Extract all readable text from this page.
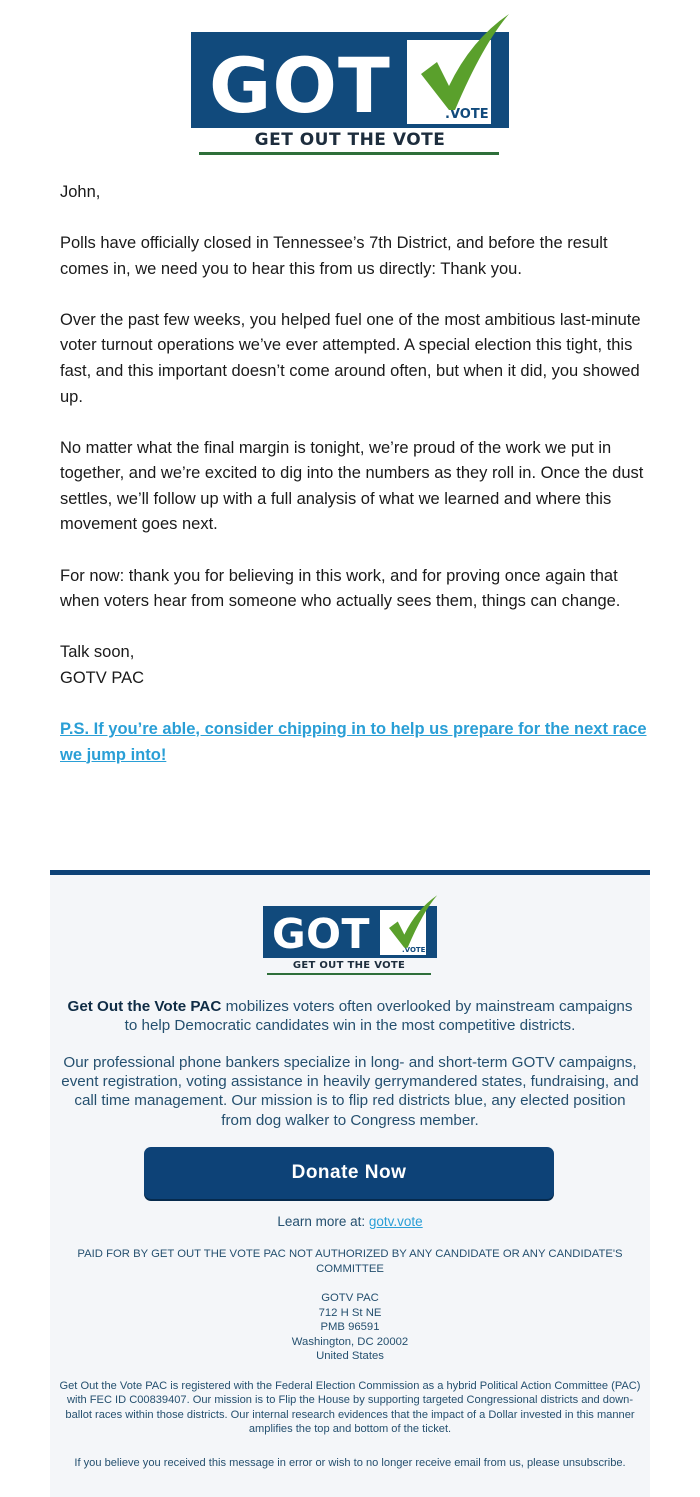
GOT	.VOTE
GET OUT THE VOTE

John,

Polls have officially closed in Tennessee’s 7th District, and before the result comes in, we need you to hear this from us directly: Thank you.

Over the past few weeks, you helped fuel one of the most ambitious last-minute voter turnout operations we’ve ever attempted. A special election this tight, this fast, and this important doesn’t come around often, but when it did, you showed up.

No matter what the final margin is tonight, we’re proud of the work we put in together, and we’re excited to dig into the numbers as they roll in. Once the dust settles, we’ll follow up with a full analysis of what we learned and where this movement goes next.

For now: thank you for believing in this work, and for proving once again that when voters hear from someone who actually sees them, things can change.

Talk soon,
GOTV PAC
P.S. If you’re able, consider chipping in to help us prepare for the next race we jump into!
GOT	.VOTE
GET OUT THE VOTE

Get Out the Vote PAC mobilizes voters often overlooked by mainstream campaigns to help Democratic candidates win in the most competitive districts.

Our professional phone bankers specialize in long- and short-term GOTV campaigns, event registration, voting assistance in heavily gerrymandered states, fundraising, and call time management. Our mission is to flip red districts blue, any elected position from dog walker to Congress member.

Donate Now
Learn more at: gotv.vote
PAID FOR BY GET OUT THE VOTE PAC NOT AUTHORIZED BY ANY CANDIDATE OR ANY CANDIDATE'S COMMITTEE
GOTV PAC
712 H St NE
PMB 96591
Washington, DC 20002
United States
Get Out the Vote PAC is registered with the Federal Election Commission as a hybrid Political Action Committee (PAC) with FEC ID C00839407. Our mission is to Flip the House by supporting targeted Congressional districts and down-ballot races within those districts. Our internal research evidences that the impact of a Dollar invested in this manner amplifies the top and bottom of the ticket.
If you believe you received this message in error or wish to no longer receive email from us, please unsubscribe.
